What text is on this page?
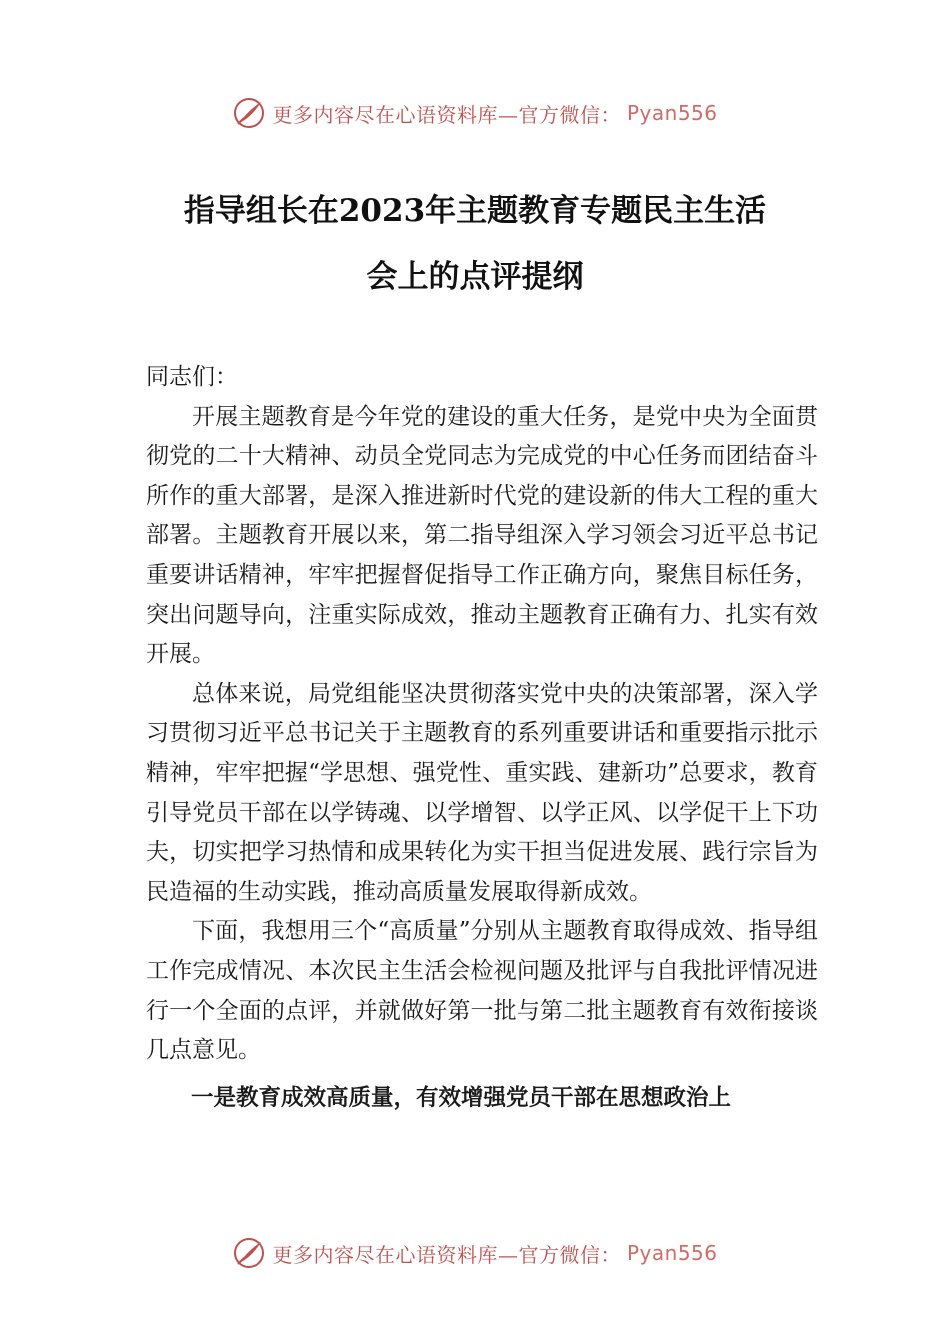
更多内容尽在心语资料库—官方微信： Pyan556
指导组长在2023年主题教育专题民主生活
会上的点评提纲

同志们：

开展主题教育是今年党的建设的重大任务，是党中央为全面贯彻党的二十大精神、动员全党同志为完成党的中心任务而团结奋斗所作的重大部署，是深入推进新时代党的建设新的伟大工程的重大部署。主题教育开展以来，第二指导组深入学习领会习近平总书记重要讲话精神，牢牢把握督促指导工作正确方向，聚焦目标任务，突出问题导向，注重实际成效，推动主题教育正确有力、扎实有效开展。

总体来说，局党组能坚决贯彻落实党中央的决策部署，深入学习贯彻习近平总书记关于主题教育的系列重要讲话和重要指示批示精神，牢牢把握“学思想、强党性、重实践、建新功”总要求，教育引导党员干部在以学铸魂、以学增智、以学正风、以学促干上下功夫，切实把学习热情和成果转化为实干担当促进发展、践行宗旨为民造福的生动实践，推动高质量发展取得新成效。

下面，我想用三个“高质量”分别从主题教育取得成效、指导组工作完成情况、本次民主生活会检视问题及批评与自我批评情况进行一个全面的点评，并就做好第一批与第二批主题教育有效衔接谈几点意见。

一是教育成效高质量，有效增强党员干部在思想政治上

更多内容尽在心语资料库—官方微信： Pyan556
